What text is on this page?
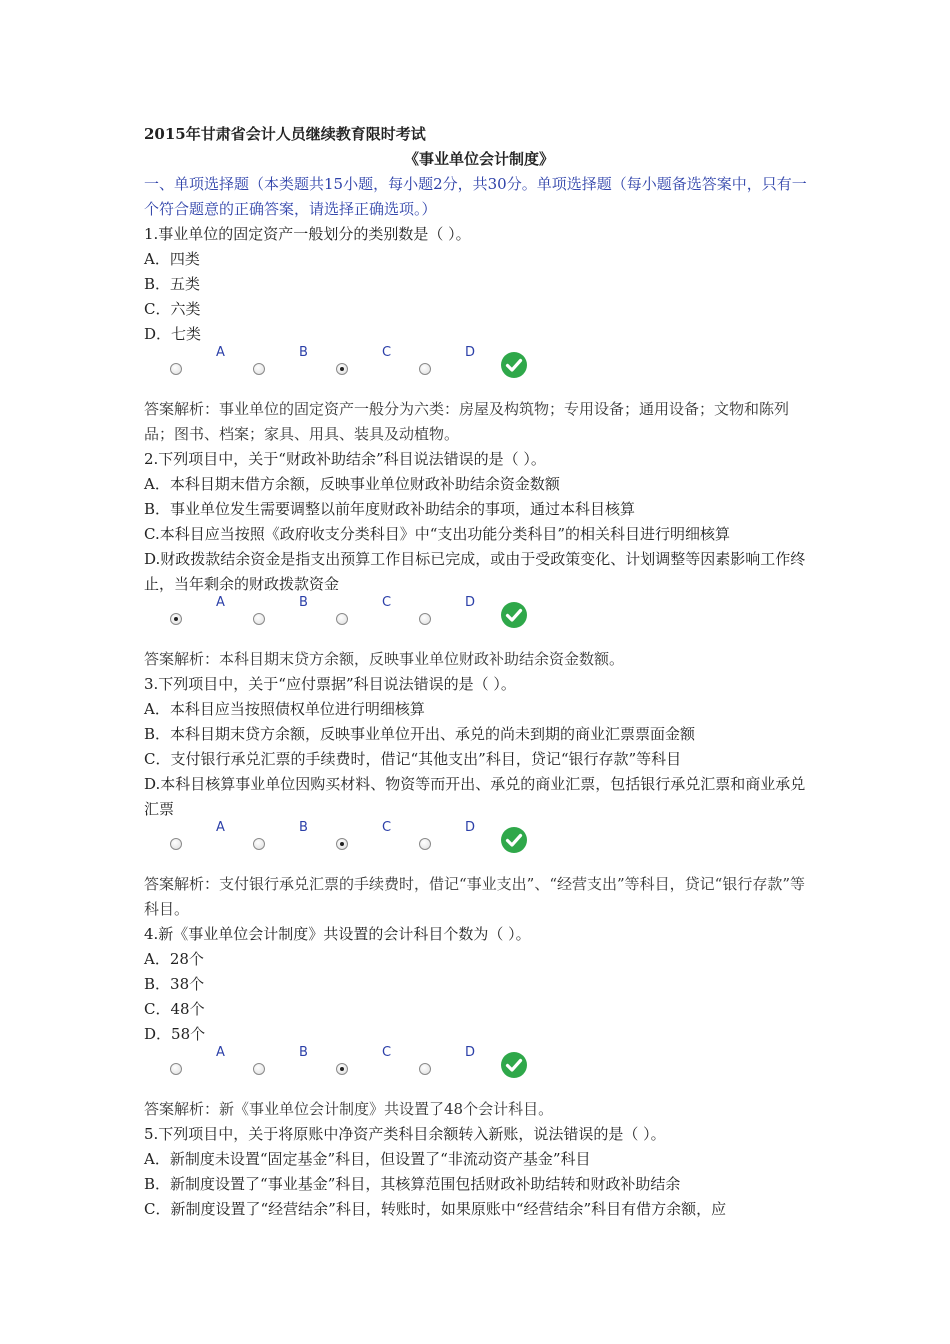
2015年甘肃省会计人员继续教育限时考试
《事业单位会计制度》
一、单项选择题（本类题共15小题，每小题2分，共30分。单项选择题（每小题备选答案中，只有一个符合题意的正确答案，请选择正确选项。）
1.事业单位的固定资产一般划分的类别数是（ ）。
A．四类
B．五类
C．六类
D．七类
A	B	C	D
答案解析：事业单位的固定资产一般分为六类：房屋及构筑物；专用设备；通用设备；文物和陈列品；图书、档案；家具、用具、装具及动植物。
2.下列项目中，关于“财政补助结余”科目说法错误的是（ ）。
A．本科目期末借方余额，反映事业单位财政补助结余资金数额
B．事业单位发生需要调整以前年度财政补助结余的事项，通过本科目核算
C.本科目应当按照《政府收支分类科目》中“支出功能分类科目”的相关科目进行明细核算
D.财政拨款结余资金是指支出预算工作目标已完成，或由于受政策变化、计划调整等因素影响工作终止，当年剩余的财政拨款资金
A	B	C	D
答案解析：本科目期末贷方余额，反映事业单位财政补助结余资金数额。
3.下列项目中，关于“应付票据”科目说法错误的是（ ）。
A．本科目应当按照债权单位进行明细核算
B．本科目期末贷方余额，反映事业单位开出、承兑的尚未到期的商业汇票票面金额
C．支付银行承兑汇票的手续费时，借记“其他支出”科目，贷记“银行存款”等科目
D.本科目核算事业单位因购买材料、物资等而开出、承兑的商业汇票，包括银行承兑汇票和商业承兑汇票
A	B	C	D
答案解析：支付银行承兑汇票的手续费时，借记“事业支出”、“经营支出”等科目，贷记“银行存款”等科目。
4.新《事业单位会计制度》共设置的会计科目个数为（ ）。
A．28个
B．38个
C．48个
D．58个
A	B	C	D
答案解析：新《事业单位会计制度》共设置了48个会计科目。
5.下列项目中，关于将原账中净资产类科目余额转入新账，说法错误的是（ ）。
A．新制度未设置“固定基金”科目，但设置了“非流动资产基金”科目
B．新制度设置了“事业基金”科目，其核算范围包括财政补助结转和财政补助结余
C．新制度设置了“经营结余”科目，转账时，如果原账中“经营结余”科目有借方余额，应
